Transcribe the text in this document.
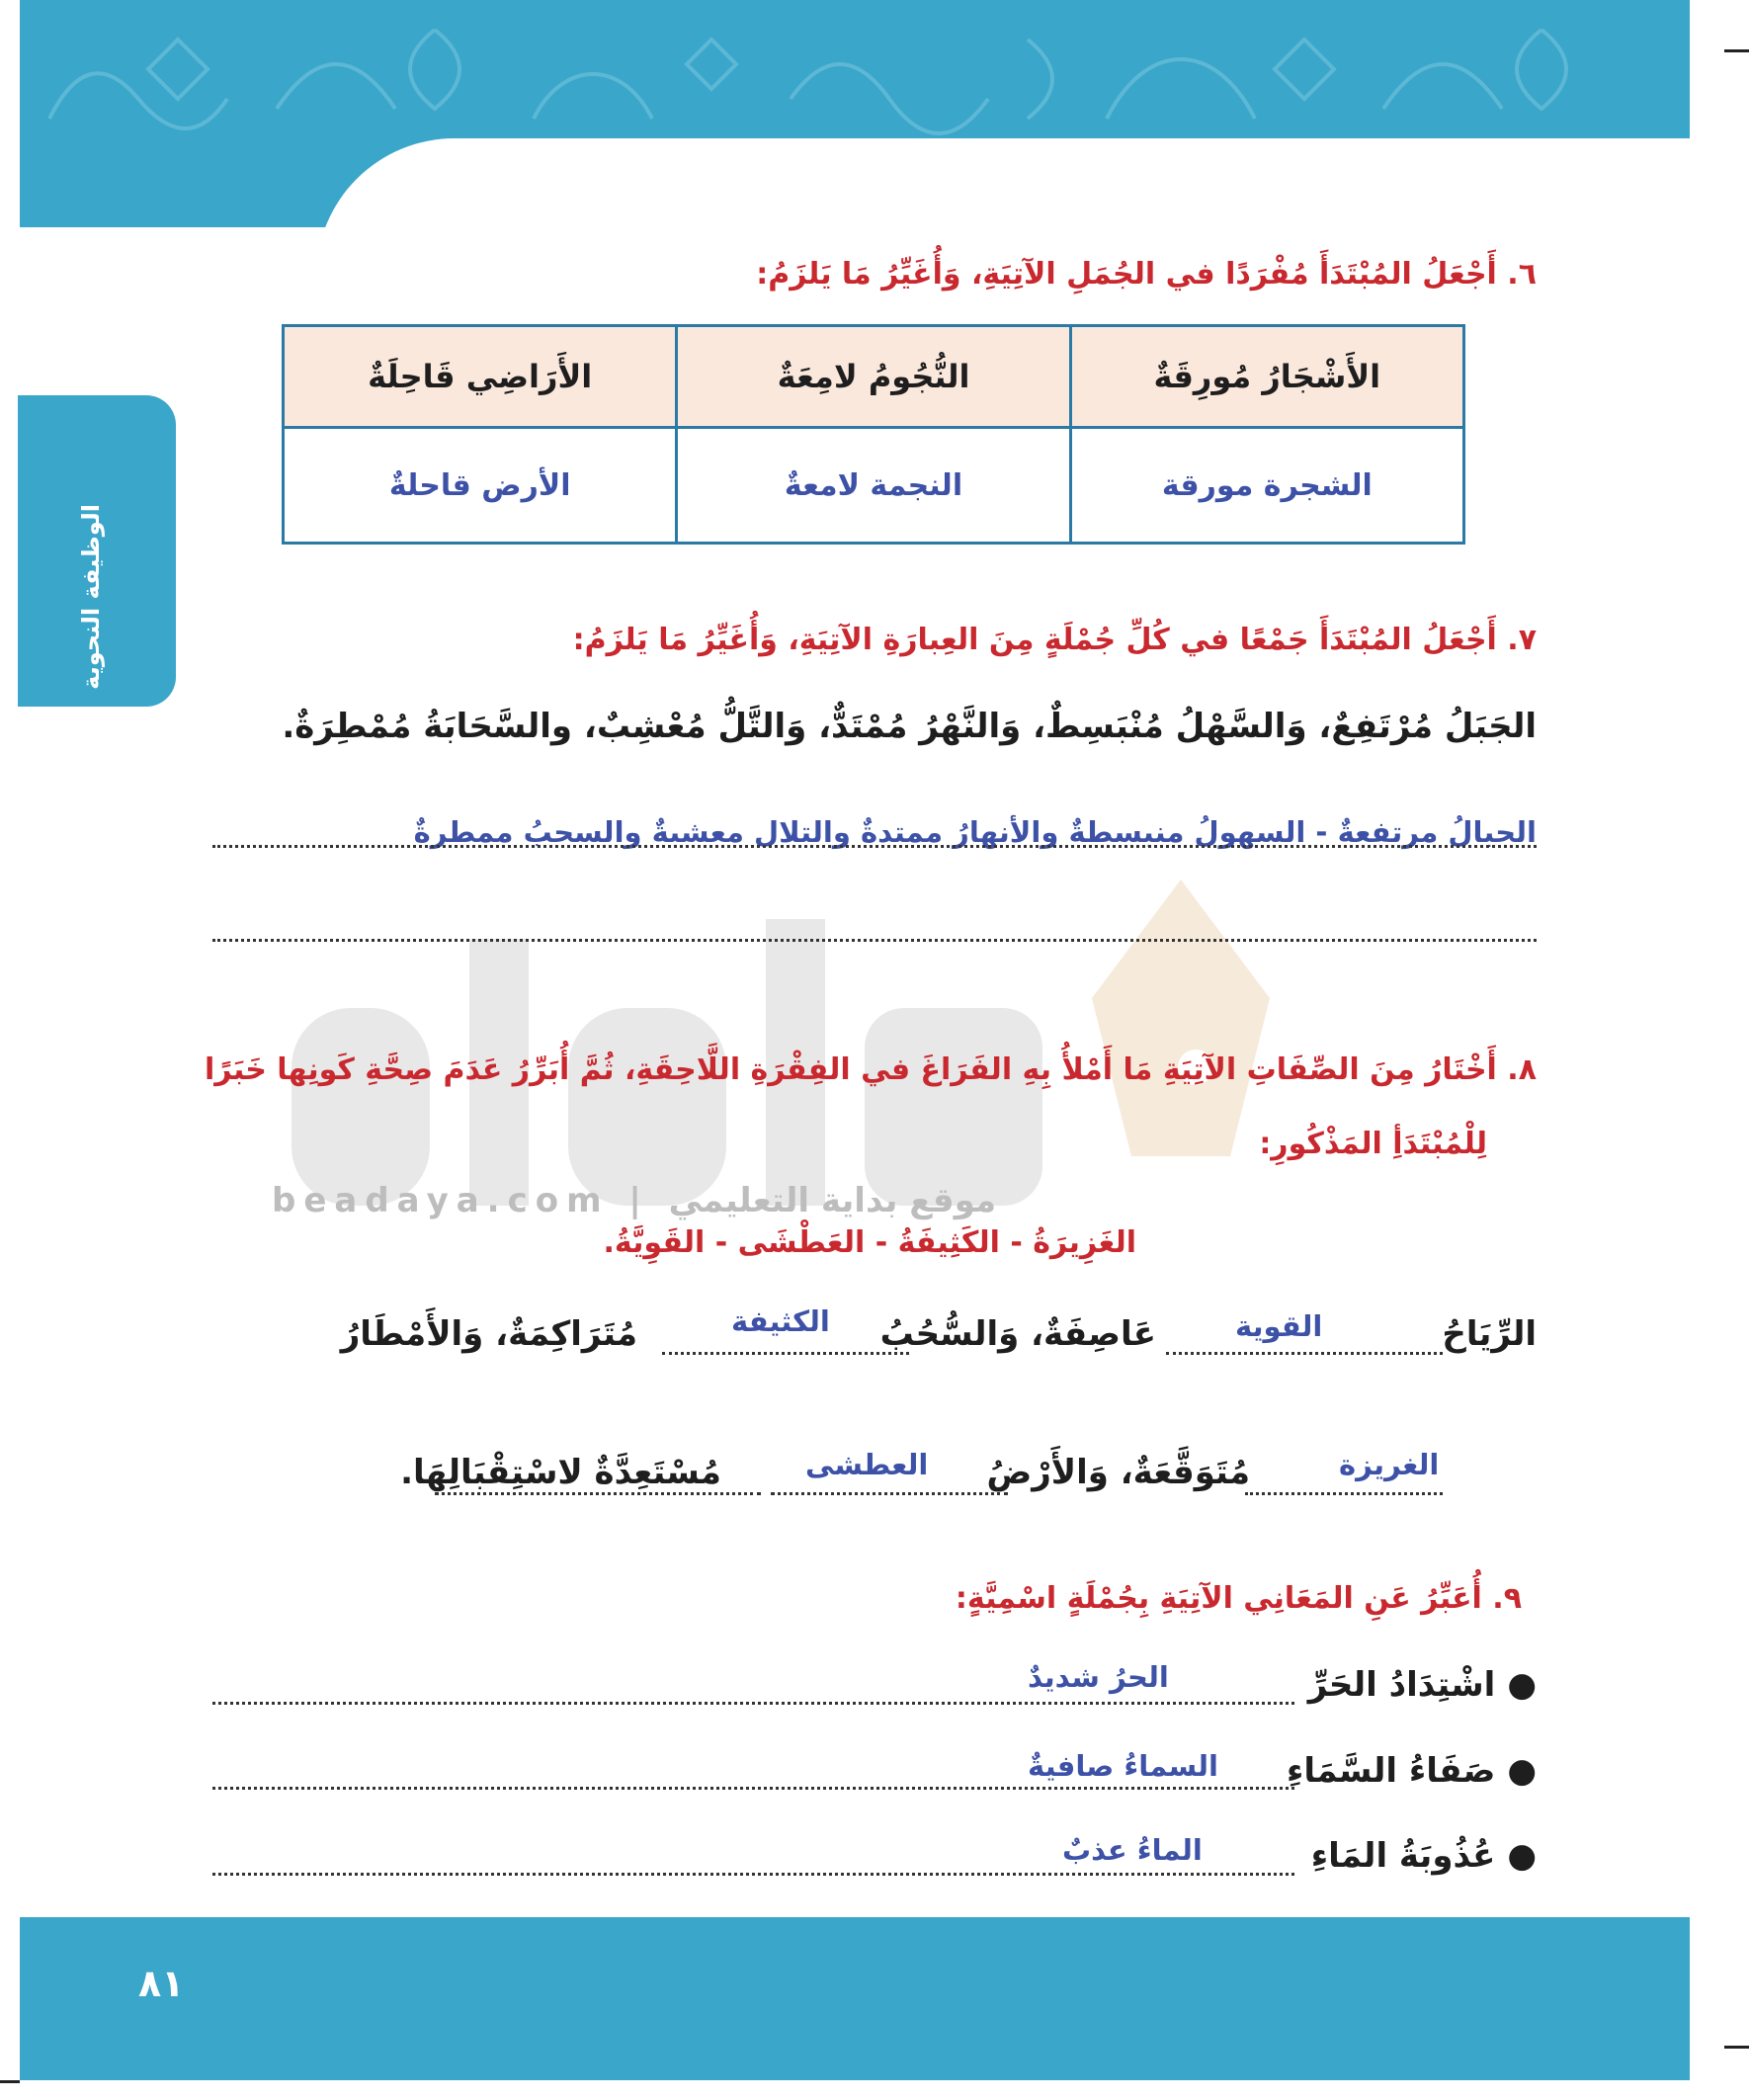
الوظيفة النحوية
beadaya.com | موقع بداية التعليمي
٦. أَجْعَلُ المُبْتَدَأَ مُفْرَدًا في الجُمَلِ الآتِيَةِ، وَأُغَيِّرُ مَا يَلزَمُ:
الأَشْجَارُ مُورِقَةٌ	النُّجُومُ لامِعَةٌ	الأَرَاضِي قَاحِلَةٌ
الشجرة مورقة	النجمة لامعةٌ	الأرض قاحلةٌ
٧. أَجْعَلُ المُبْتَدَأَ جَمْعًا في كُلِّ جُمْلَةٍ مِنَ العِبارَةِ الآتِيَةِ، وَأُغَيِّرُ مَا يَلزَمُ:
الجَبَلُ مُرْتَفِعٌ، وَالسَّهْلُ مُنْبَسِطٌ، وَالنَّهْرُ مُمْتَدٌّ، وَالتَّلُّ مُعْشِبٌ، والسَّحَابَةُ مُمْطِرَةٌ.
الجبالُ مرتفعةٌ - السهولُ منبسطةٌ والأنهارُ ممتدةٌ والتلال معشبةٌ والسحبُ ممطرةٌ
٨. أَخْتَارُ مِنَ الصِّفَاتِ الآتِيَةِ مَا أَمْلأُ بِهِ الفَرَاغَ في الفِقْرَةِ اللَّاحِقَةِ، ثُمَّ أُبَرِّرُ عَدَمَ صِحَّةِ كَونِها خَبَرًا
لِلْمُبْتَدَأِ المَذْكُورِ:
الغَزِيرَةُ - الكَثِيفَةُ - العَطْشَى - القَوِيَّةُ.
الرِّيَاحُ
القوية
عَاصِفَةٌ، وَالسُّحُبُ
الكثيفة
مُتَرَاكِمَةٌ، وَالأَمْطَارُ
الغريزة
مُتَوَقَّعَةٌ، وَالأَرْضُ
العطشى
مُسْتَعِدَّةٌ لاسْتِقْبَالِهَا.
٩. أُعَبِّرُ عَنِ المَعَانِي الآتِيَةِ بِجُمْلَةٍ اسْمِيَّةٍ:
●اشْتِدَادُ الحَرِّ
الحرُ شديدٌ
●صَفَاءُ السَّمَاءِ
السماءُ صافيةٌ
●عُذُوبَةُ المَاءِ
الماءُ عذبٌ
٨١
